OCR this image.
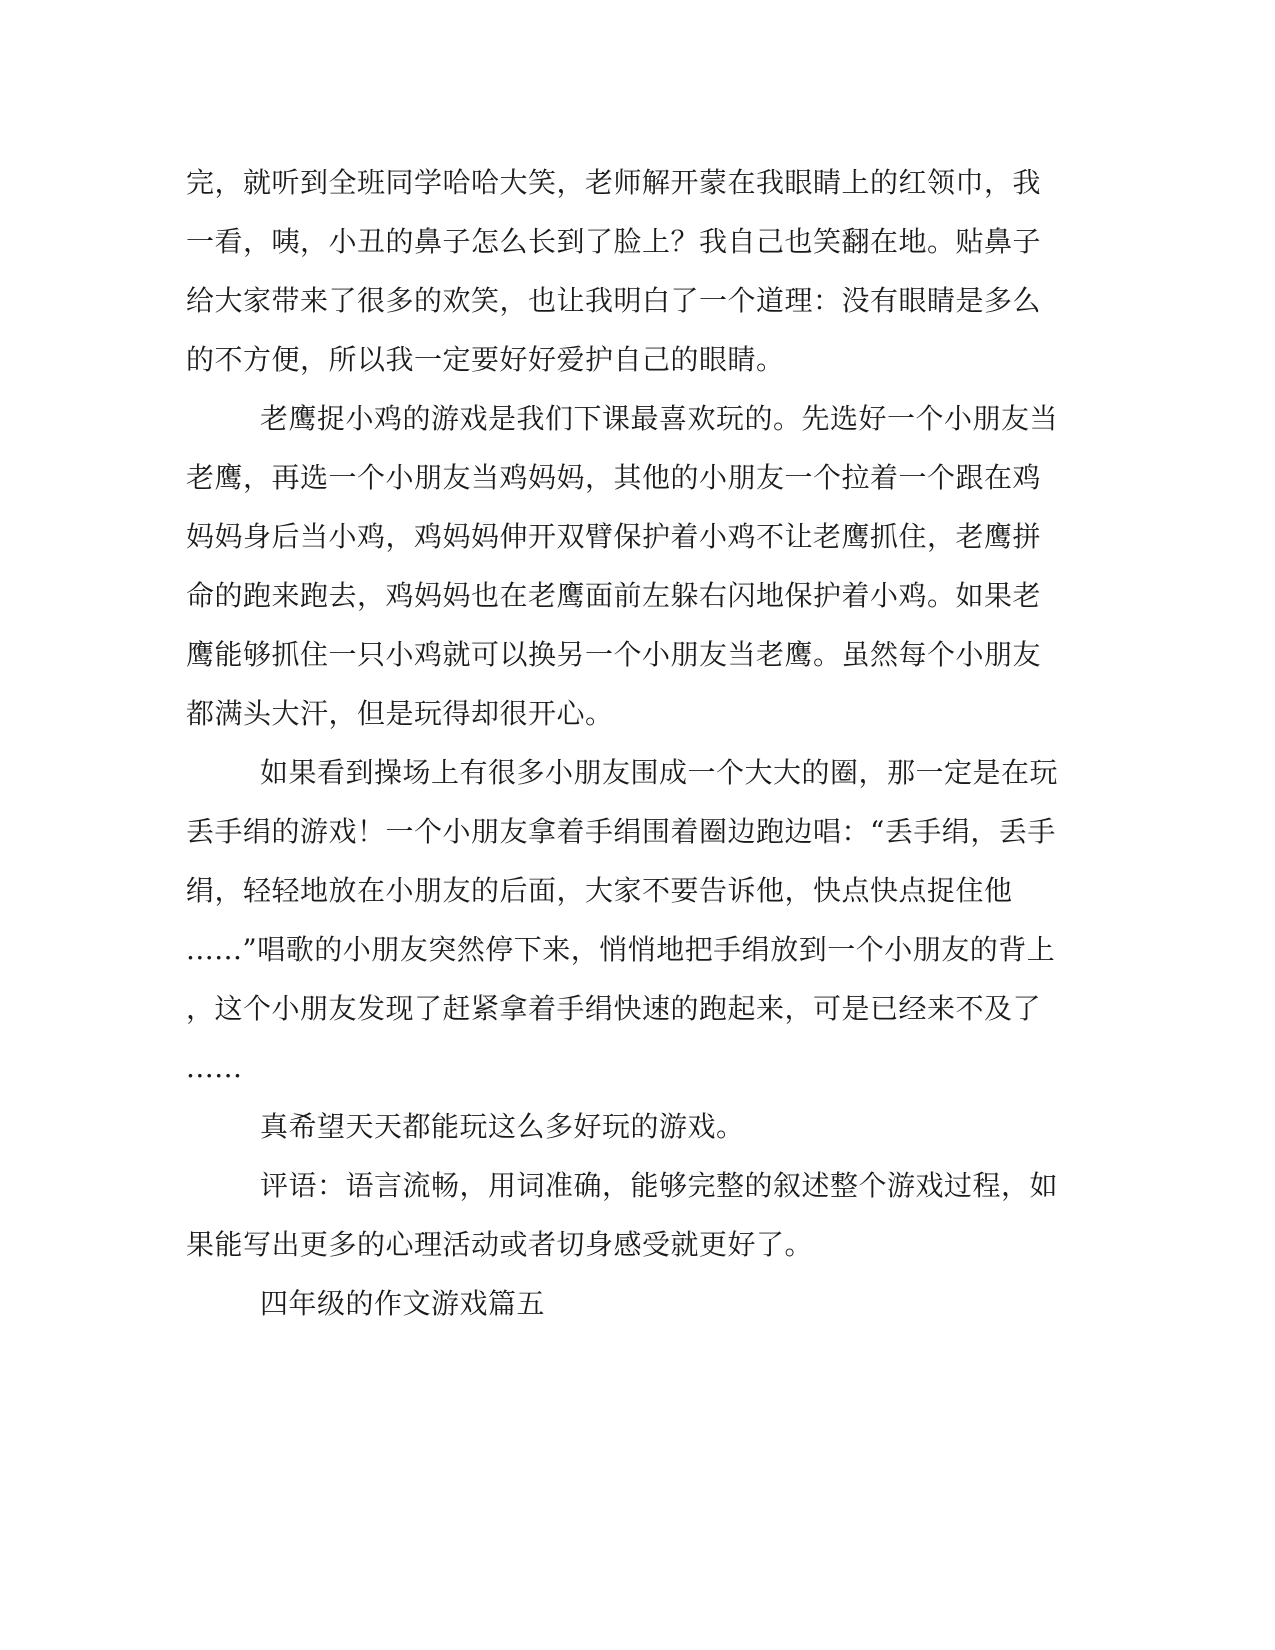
完，就听到全班同学哈哈大笑，老师解开蒙在我眼睛上的红领巾，我
一看，咦，小丑的鼻子怎么长到了脸上？我自己也笑翻在地。贴鼻子
给大家带来了很多的欢笑，也让我明白了一个道理：没有眼睛是多么
的不方便，所以我一定要好好爱护自己的眼睛。
老鹰捉小鸡的游戏是我们下课最喜欢玩的。先选好一个小朋友当
老鹰，再选一个小朋友当鸡妈妈，其他的小朋友一个拉着一个跟在鸡
妈妈身后当小鸡，鸡妈妈伸开双臂保护着小鸡不让老鹰抓住，老鹰拼
命的跑来跑去，鸡妈妈也在老鹰面前左躲右闪地保护着小鸡。如果老
鹰能够抓住一只小鸡就可以换另一个小朋友当老鹰。虽然每个小朋友
都满头大汗，但是玩得却很开心。
如果看到操场上有很多小朋友围成一个大大的圈，那一定是在玩
丢手绢的游戏！一个小朋友拿着手绢围着圈边跑边唱：“丢手绢，丢手
绢，轻轻地放在小朋友的后面，大家不要告诉他，快点快点捉住他
......”唱歌的小朋友突然停下来，悄悄地把手绢放到一个小朋友的背上
，这个小朋友发现了赶紧拿着手绢快速的跑起来，可是已经来不及了
......
真希望天天都能玩这么多好玩的游戏。
评语：语言流畅，用词准确，能够完整的叙述整个游戏过程，如
果能写出更多的心理活动或者切身感受就更好了。
四年级的作文游戏篇五
